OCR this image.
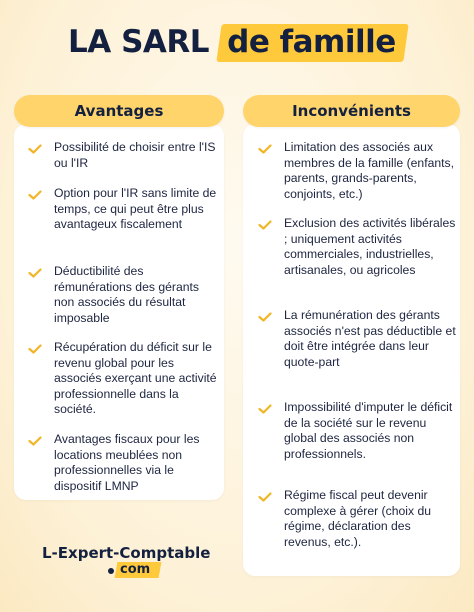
LA SARL de famille
Avantages	Inconvénients
Possibilité de choisir entre l'IS ou l'IR
Option pour l'IR sans limite de temps, ce qui peut être plus avantageux fiscalement
Déductibilité des rémunérations des gérants non associés du résultat imposable
Récupération du déficit sur le revenu global pour les associés exerçant une activité professionnelle dans la société.
Avantages fiscaux pour les locations meublées non professionnelles via le dispositif LMNP
Limitation des associés aux membres de la famille (enfants, parents, grands-parents, conjoints, etc.)
Exclusion des activités libérales ; uniquement activités commerciales, industrielles, artisanales, ou agricoles
La rémunération des gérants associés n'est pas déductible et doit être intégrée dans leur quote-part
Impossibilité d'imputer le déficit de la société sur le revenu global des associés non professionnels.
Régime fiscal peut devenir complexe à gérer (choix du régime, déclaration des revenus, etc.).
L-Expert-Comptable
com
